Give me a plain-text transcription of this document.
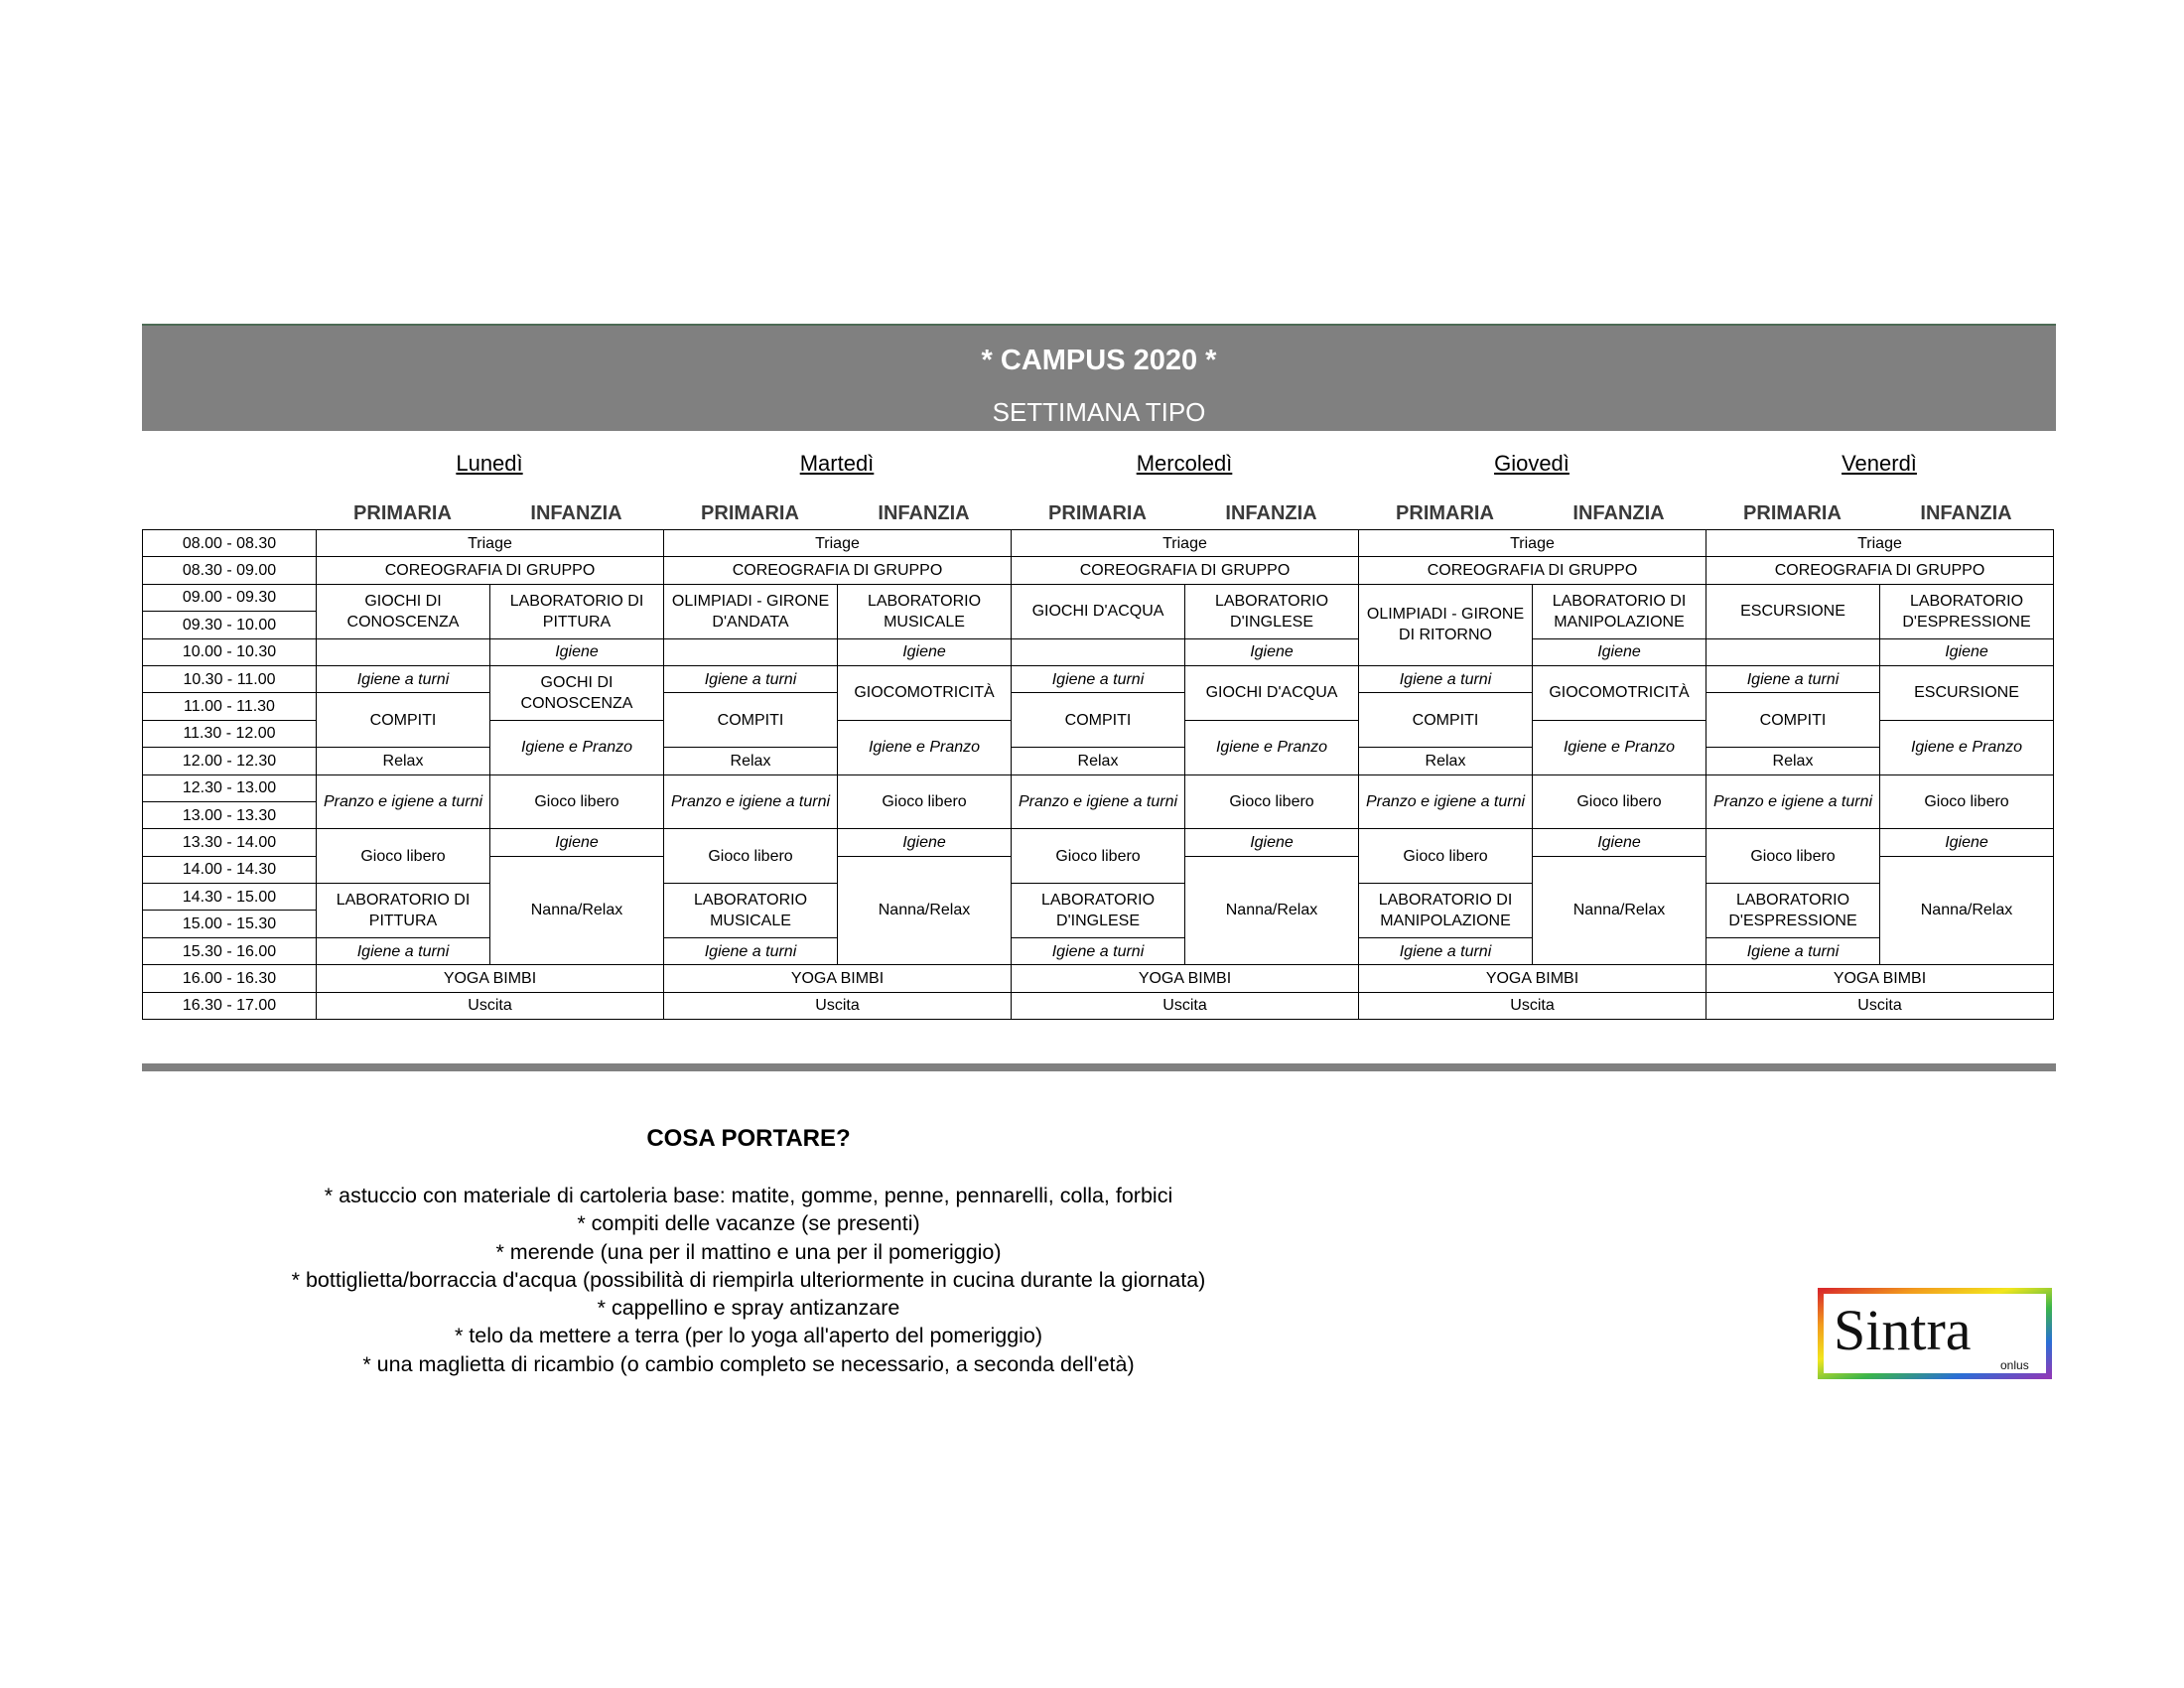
* CAMPUS 2020 *
SETTIMANA TIPO
Lunedì
PRIMARIA	INFANZIA
Martedì
PRIMARIA	INFANZIA
Mercoledì
PRIMARIA	INFANZIA
Giovedì
PRIMARIA	INFANZIA
Venerdì
PRIMARIA	INFANZIA
08.00 - 08.30	Triage		Triage		Triage		Triage		Triage	
08.30 - 09.00	COREOGRAFIA DI GRUPPO		COREOGRAFIA DI GRUPPO		COREOGRAFIA DI GRUPPO		COREOGRAFIA DI GRUPPO		COREOGRAFIA DI GRUPPO	
09.00 - 09.30	GIOCHI DI CONOSCENZA	LABORATORIO DI PITTURA	OLIMPIADI - GIRONE D'ANDATA	LABORATORIO MUSICALE	GIOCHI D'ACQUA	LABORATORIO D'INGLESE	OLIMPIADI - GIRONE DI RITORNO	LABORATORIO DI MANIPOLAZIONE	ESCURSIONE	LABORATORIO D'ESPRESSIONE
09.30 - 10.00										
10.00 - 10.30		Igiene		Igiene		Igiene		Igiene		Igiene
10.30 - 11.00	Igiene a turni	GOCHI DI CONOSCENZA	Igiene a turni	GIOCOMOTRICITÀ	Igiene a turni	GIOCHI D'ACQUA	Igiene a turni	GIOCOMOTRICITÀ	Igiene a turni	ESCURSIONE
11.00 - 11.30	COMPITI		COMPITI		COMPITI		COMPITI		COMPITI	
11.30 - 12.00		Igiene e Pranzo		Igiene e Pranzo		Igiene e Pranzo		Igiene e Pranzo		Igiene e Pranzo
12.00 - 12.30	Relax		Relax		Relax		Relax		Relax	
12.30 - 13.00	Pranzo e igiene a turni	Gioco libero	Pranzo e igiene a turni	Gioco libero	Pranzo e igiene a turni	Gioco libero	Pranzo e igiene a turni	Gioco libero	Pranzo e igiene a turni	Gioco libero
13.00 - 13.30										
13.30 - 14.00	Gioco libero	Igiene	Gioco libero	Igiene	Gioco libero	Igiene	Gioco libero	Igiene	Gioco libero	Igiene
14.00 - 14.30		Nanna/Relax		Nanna/Relax		Nanna/Relax		Nanna/Relax		Nanna/Relax
14.30 - 15.00	LABORATORIO DI PITTURA		LABORATORIO MUSICALE		LABORATORIO D'INGLESE		LABORATORIO DI MANIPOLAZIONE		LABORATORIO D'ESPRESSIONE	
15.00 - 15.30										
15.30 - 16.00	Igiene a turni		Igiene a turni		Igiene a turni		Igiene a turni		Igiene a turni	
16.00 - 16.30	YOGA BIMBI		YOGA BIMBI		YOGA BIMBI		YOGA BIMBI		YOGA BIMBI	
16.30 - 17.00	Uscita		Uscita		Uscita		Uscita		Uscita	
COSA PORTARE?
* astuccio con materiale di cartoleria base: matite, gomme, penne, pennarelli, colla, forbici
* compiti delle vacanze (se presenti)
* merende (una per il mattino e una per il pomeriggio)
* bottiglietta/borraccia d'acqua (possibilità di riempirla ulteriormente in cucina durante la giornata)
* cappellino e spray antizanzare
* telo da mettere a terra (per lo yoga all'aperto del pomeriggio)
* una maglietta di ricambio (o cambio completo se necessario, a seconda dell'età)
Sintra
onlus
